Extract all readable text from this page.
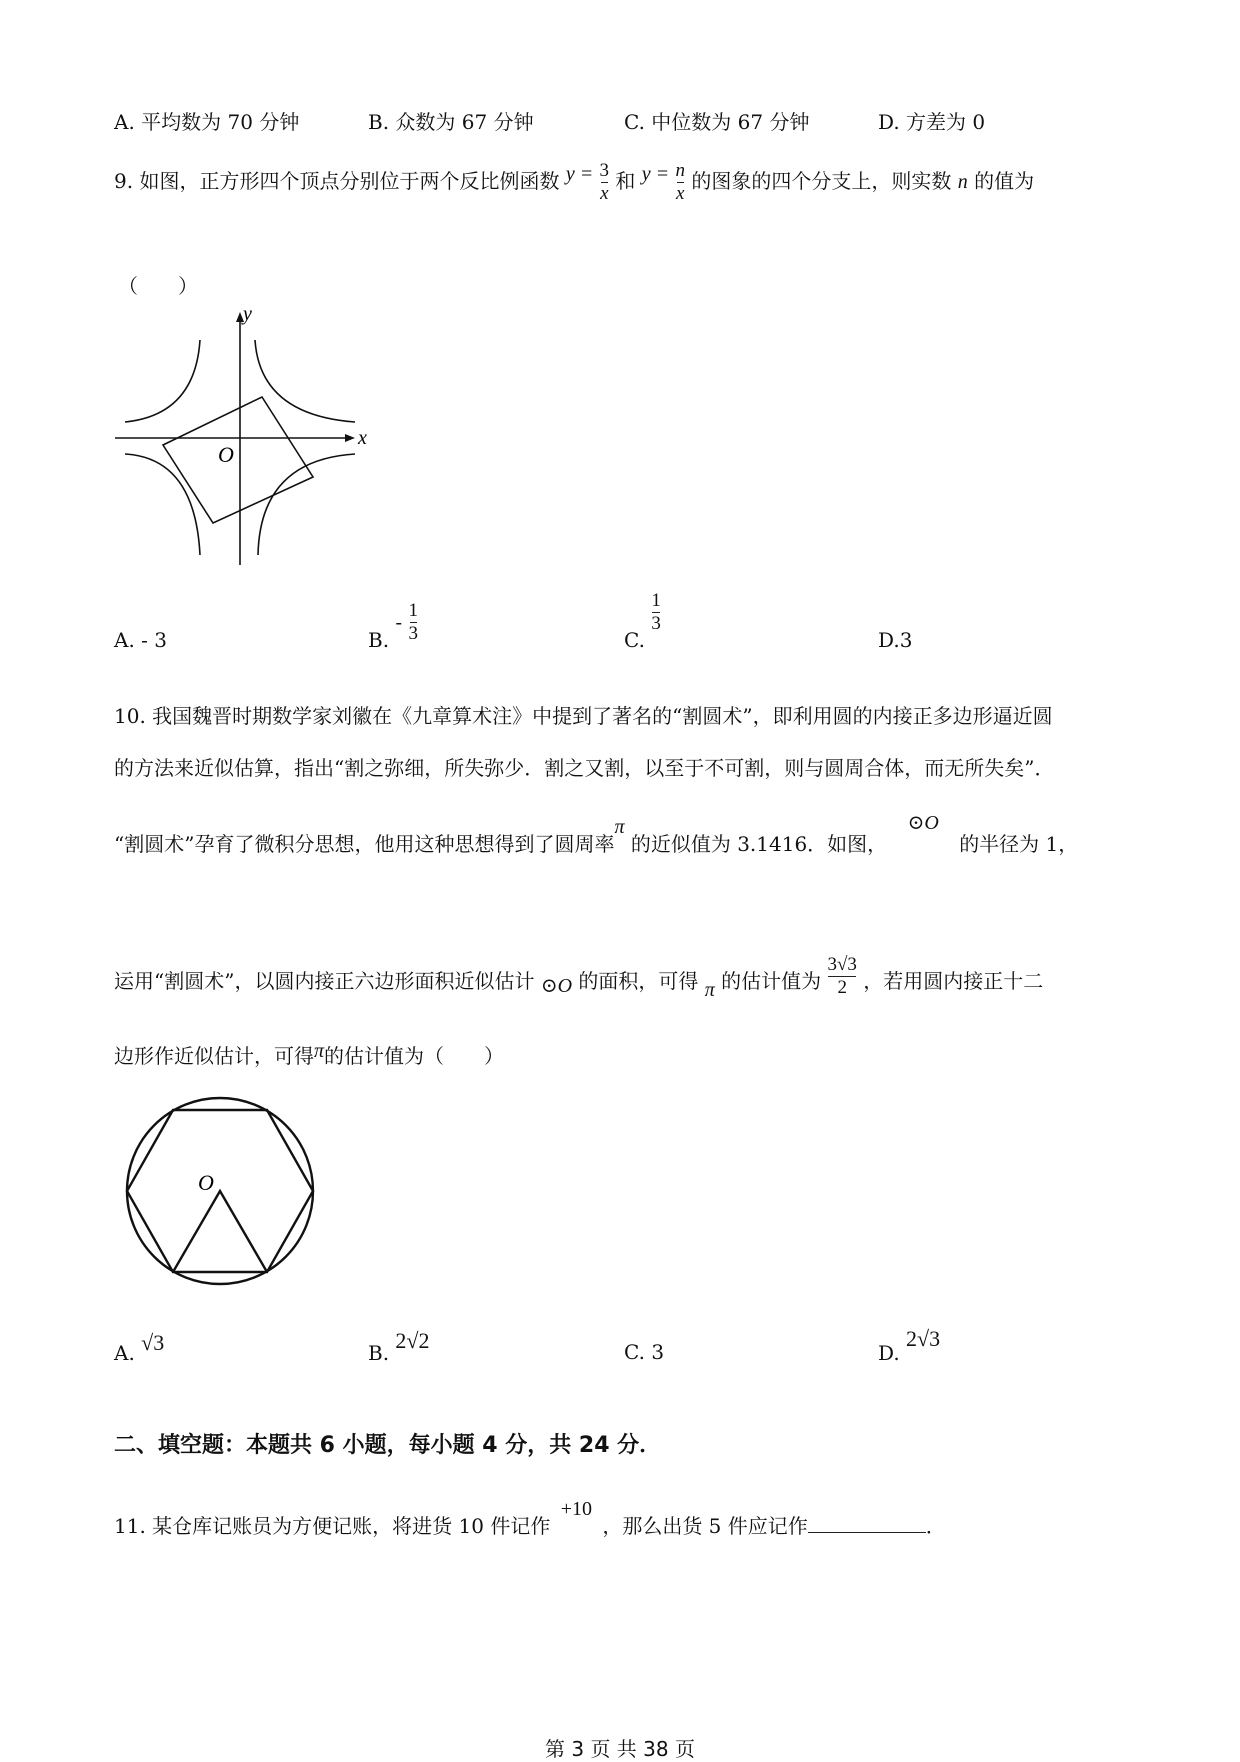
A. 平均数为 70 分钟	B. 众数为 67 分钟	C. 中位数为 67 分钟	D. 方差为 0
9. 如图，正方形四个顶点分别位于两个反比例函数 $y = \frac{3}{x}$ 和 $y = \frac{n}{x}$ 的图象的四个分支上，则实数 n 的值为
（　　）
y
x
O
A. - 3	B. - $\frac{1}{3}$	C.
$\frac{1}{3}$
D.3
10. 我国魏晋时期数学家刘徽在《九章算术注》中提到了著名的“割圆术”，即利用圆的内接正多边形逼近圆
的方法来近似估算，指出“割之弥细，所失弥少．割之又割，以至于不可割，则与圆周合体，而无所失矣”．
“割圆术”孕育了微积分思想，他用这种思想得到了圆周率π 的近似值为 3.1416．如图，⊙O的半径为 1，
运用“割圆术”，以圆内接正六边形面积近似估计 ⊙O 的面积，可得 π 的估计值为 $\frac{3√3}{2}$ ，若用圆内接正十二
边形作近似估计，可得π的估计值为（　　）
O
A. √3	B. 2√2	C. 3	D. 2√3
二、填空题：本题共 6 小题，每小题 4 分，共 24 分．
11. 某仓库记账员为方便记账，将进货 10 件记作+10，那么出货 5 件应记作	．
第 3 页 共 38 页
